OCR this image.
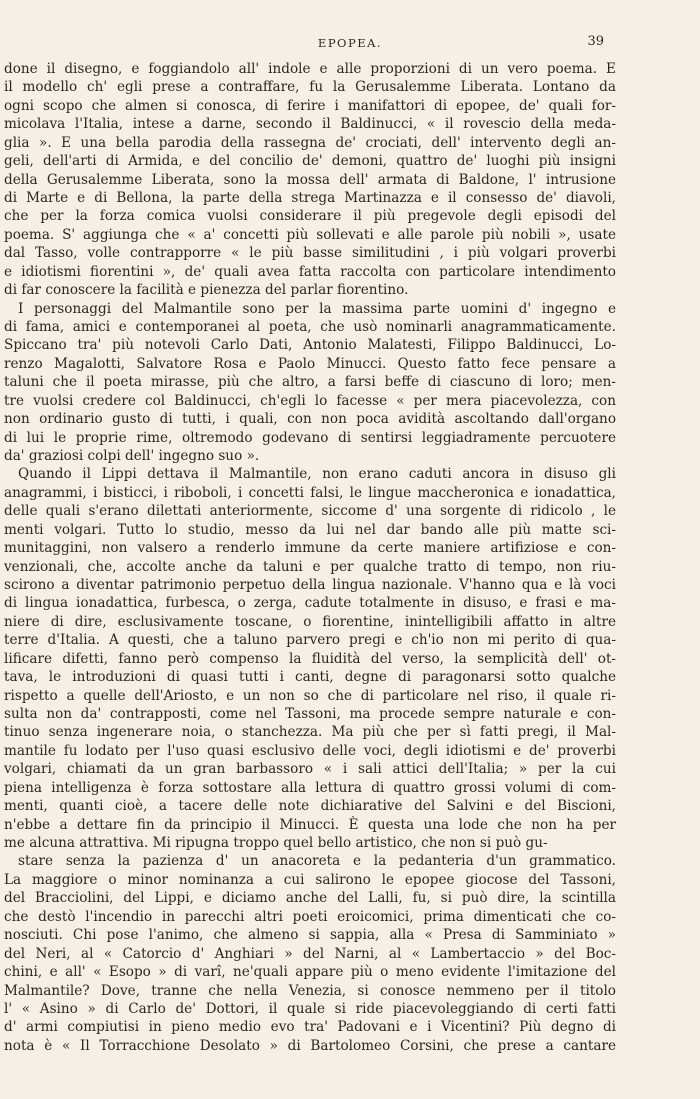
EPOPEA.	39
done il disegno, e foggiandolo all' indole e alle proporzioni di un vero poema. E
il modello ch' egli prese a contraffare, fu la Gerusalemme Liberata. Lontano da
ogni scopo che almen si conosca, di ferire i manifattori di epopee, de' quali for-
micolava l'Italia, intese a darne, secondo il Baldinucci, « il rovescio della meda-
glia ». E una bella parodia della rassegna de' crociati, dell' intervento degli an-
geli, dell'arti di Armida, e del concilio de' demoni, quattro de' luoghi più insigni
della Gerusalemme Liberata, sono la mossa dell' armata di Baldone, l' intrusione
di Marte e di Bellona, la parte della strega Martinazza e il consesso de' diavoli,
che per la forza comica vuolsi considerare il più pregevole degli episodi del
poema. S' aggiunga che « a' concetti più sollevati e alle parole più nobili », usate
dal Tasso, volle contrapporre « le più basse similitudini , i più volgari proverbi
e idiotismi fiorentini », de' quali avea fatta raccolta con particolare intendimento
di far conoscere la facilità e pienezza del parlar fiorentino.
I personaggi del Malmantile sono per la massima parte uomini d' ingegno e
di fama, amici e contemporanei al poeta, che usò nominarli anagrammaticamente.
Spiccano tra' più notevoli Carlo Dati, Antonio Malatesti, Filippo Baldinucci, Lo-
renzo Magalotti, Salvatore Rosa e Paolo Minucci. Questo fatto fece pensare a
taluni che il poeta mirasse, più che altro, a farsi beffe di ciascuno di loro; men-
tre vuolsi credere col Baldinucci, ch'egli lo facesse « per mera piacevolezza, con
non ordinario gusto di tutti, i quali, con non poca avidità ascoltando dall'organo
di lui le proprie rime, oltremodo godevano di sentirsi leggiadramente percuotere
da' graziosi colpi dell' ingegno suo ».
Quando il Lippi dettava il Malmantile, non erano caduti ancora in disuso gli
anagrammi, i bisticci, i riboboli, i concetti falsi, le lingue maccheronica e ionadattica,
delle quali s'erano dilettati anteriormente, siccome d' una sorgente di ridicolo , le
menti volgari. Tutto lo studio, messo da lui nel dar bando alle più matte sci-
munitaggini, non valsero a renderlo immune da certe maniere artifiziose e con-
venzionali, che, accolte anche da taluni e per qualche tratto di tempo, non riu-
scirono a diventar patrimonio perpetuo della lingua nazionale. V'hanno qua e là voci
di lingua ionadattica, furbesca, o zerga, cadute totalmente in disuso, e frasi e ma-
niere di dire, esclusivamente toscane, o fiorentine, inintelligibili affatto in altre
terre d'Italia. A questi, che a taluno parvero pregi e ch'io non mi perito di qua-
lificare difetti, fanno però compenso la fluidità del verso, la semplicità dell' ot-
tava, le introduzioni di quasi tutti i canti, degne di paragonarsi sotto qualche
rispetto a quelle dell'Ariosto, e un non so che di particolare nel riso, il quale ri-
sulta non da' contrapposti, come nel Tassoni, ma procede sempre naturale e con-
tinuo senza ingenerare noia, o stanchezza. Ma più che per sì fatti pregi, il Mal-
mantile fu lodato per l'uso quasi esclusivo delle voci, degli idiotismi e de' proverbi
volgari, chiamati da un gran barbassoro « i sali attici dell'Italia; » per la cui
piena intelligenza è forza sottostare alla lettura di quattro grossi volumi di com-
menti, quanti cioè, a tacere delle note dichiarative del Salvini e del Biscioni,
n'ebbe a dettare fin da principio il Minucci. È questa una lode che non ha per
me alcuna attrattiva. Mi ripugna troppo quel bello artistico, che non si può gu-
stare senza la pazienza d' un anacoreta e la pedanteria d'un grammatico.
La maggiore o minor nominanza a cui salirono le epopee giocose del Tassoni,
del Bracciolini, del Lippi, e diciamo anche del Lalli, fu, si può dire, la scintilla
che destò l'incendio in parecchi altri poeti eroicomici, prima dimenticati che co-
nosciuti. Chi pose l'animo, che almeno si sappia, alla « Presa di Samminiato »
del Neri, al « Catorcio d' Anghiari » del Narni, al « Lambertaccio » del Boc-
chini, e all' « Esopo » di varî, ne'quali appare più o meno evidente l'imitazione del
Malmantile? Dove, tranne che nella Venezia, si conosce nemmeno per il titolo
l' « Asino » di Carlo de' Dottori, il quale si ride piacevoleggiando di certi fatti
d' armi compiutisi in pieno medio evo tra' Padovani e i Vicentini? Più degno di
nota è « Il Torracchione Desolato » di Bartolomeo Corsini, che prese a cantare
